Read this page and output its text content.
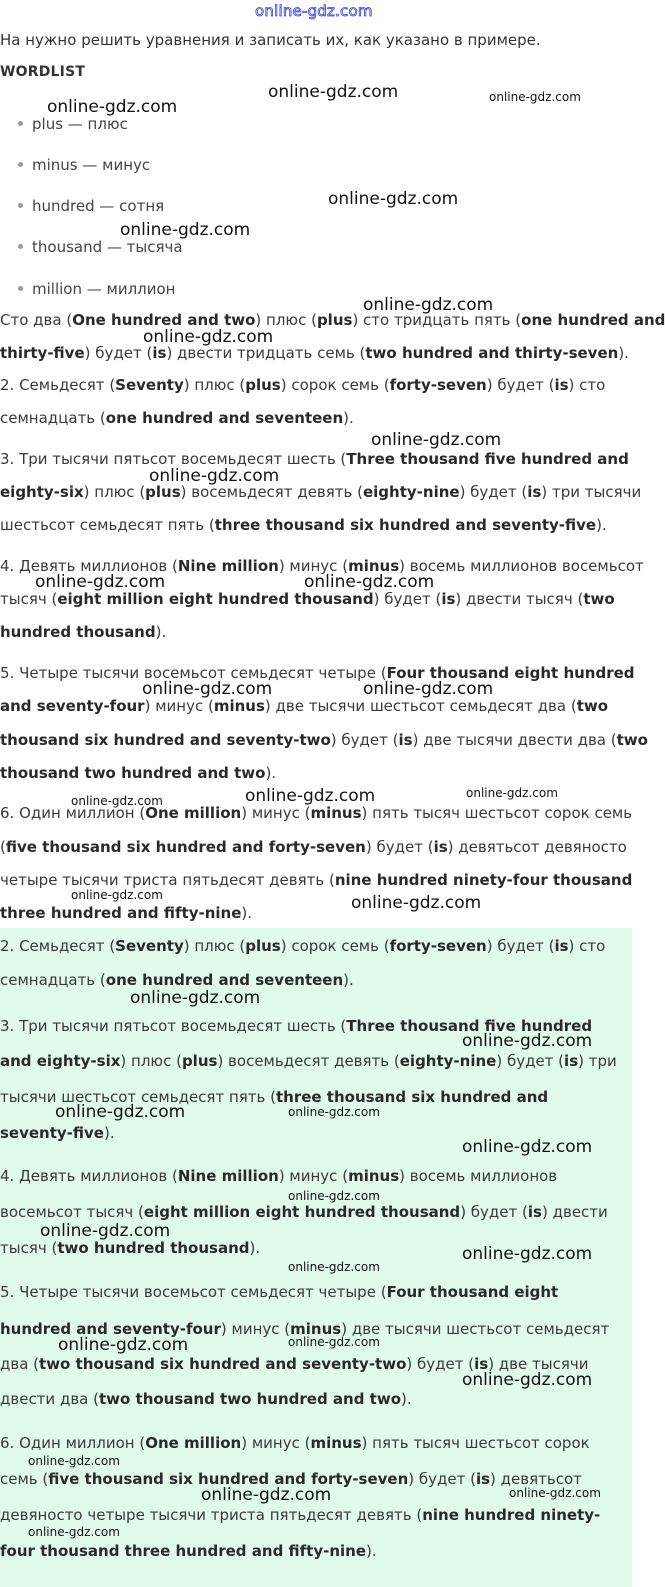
online-gdz.com
На нужно решить уравнения и записать их, как указано в примере.
WORDLIST
plus — плюс
minus — минус
hundred — сотня
thousand — тысяча
million — миллион
Сто два (One hundred and two) плюс (plus) сто тридцать пять (one hundred and
thirty-five) будет (is) двести тридцать семь (two hundred and thirty-seven).
2. Семьдесят (Seventy) плюс (plus) сорок семь (forty-seven) будет (is) сто
семнадцать (one hundred and seventeen).
3. Три тысячи пятьсот восемьдесят шесть (Three thousand five hundred and
eighty-six) плюс (plus) восемьдесят девять (eighty-nine) будет (is) три тысячи
шестьсот семьдесят пять (three thousand six hundred and seventy-five).
4. Девять миллионов (Nine million) минус (minus) восемь миллионов восемьсот
тысяч (eight million eight hundred thousand) будет (is) двести тысяч (two
hundred thousand).
5. Четыре тысячи восемьсот семьдесят четыре (Four thousand eight hundred
and seventy-four) минус (minus) две тысячи шестьсот семьдесят два (two
thousand six hundred and seventy-two) будет (is) две тысячи двести два (two
thousand two hundred and two).
6. Один миллион (One million) минус (minus) пять тысяч шестьсот сорок семь
(five thousand six hundred and forty-seven) будет (is) девятьсот девяносто
четыре тысячи триста пятьдесят девять (nine hundred ninety-four thousand
three hundred and fifty-nine).
2. Семьдесят (Seventy) плюс (plus) сорок семь (forty-seven) будет (is) сто
семнадцать (one hundred and seventeen).
3. Три тысячи пятьсот восемьдесят шесть (Three thousand five hundred
and eighty-six) плюс (plus) восемьдесят девять (eighty-nine) будет (is) три
тысячи шестьсот семьдесят пять (three thousand six hundred and
seventy-five).
4. Девять миллионов (Nine million) минус (minus) восемь миллионов
восемьсот тысяч (eight million eight hundred thousand) будет (is) двести
тысяч (two hundred thousand).
5. Четыре тысячи восемьсот семьдесят четыре (Four thousand eight
hundred and seventy-four) минус (minus) две тысячи шестьсот семьдесят
два (two thousand six hundred and seventy-two) будет (is) две тысячи
двести два (two thousand two hundred and two).
6. Один миллион (One million) минус (minus) пять тысяч шестьсот сорок
семь (five thousand six hundred and forty-seven) будет (is) девятьсот
девяносто четыре тысячи триста пятьдесят девять (nine hundred ninety-
four thousand three hundred and fifty-nine).
online-gdz.com
online-gdz.com	online-gdz.com
online-gdz.com
online-gdz.com
online-gdz.com
online-gdz.com
online-gdz.com
online-gdz.com
online-gdz.com	online-gdz.com
online-gdz.com	online-gdz.com
online-gdz.com
online-gdz.com
online-gdz.com
online-gdz.com	online-gdz.com
online-gdz.com
online-gdz.com
online-gdz.com	online-gdz.com
online-gdz.com
online-gdz.com
online-gdz.com
online-gdz.com
online-gdz.com
online-gdz.com	online-gdz.com
online-gdz.com
online-gdz.com
online-gdz.com	online-gdz.com
online-gdz.com
